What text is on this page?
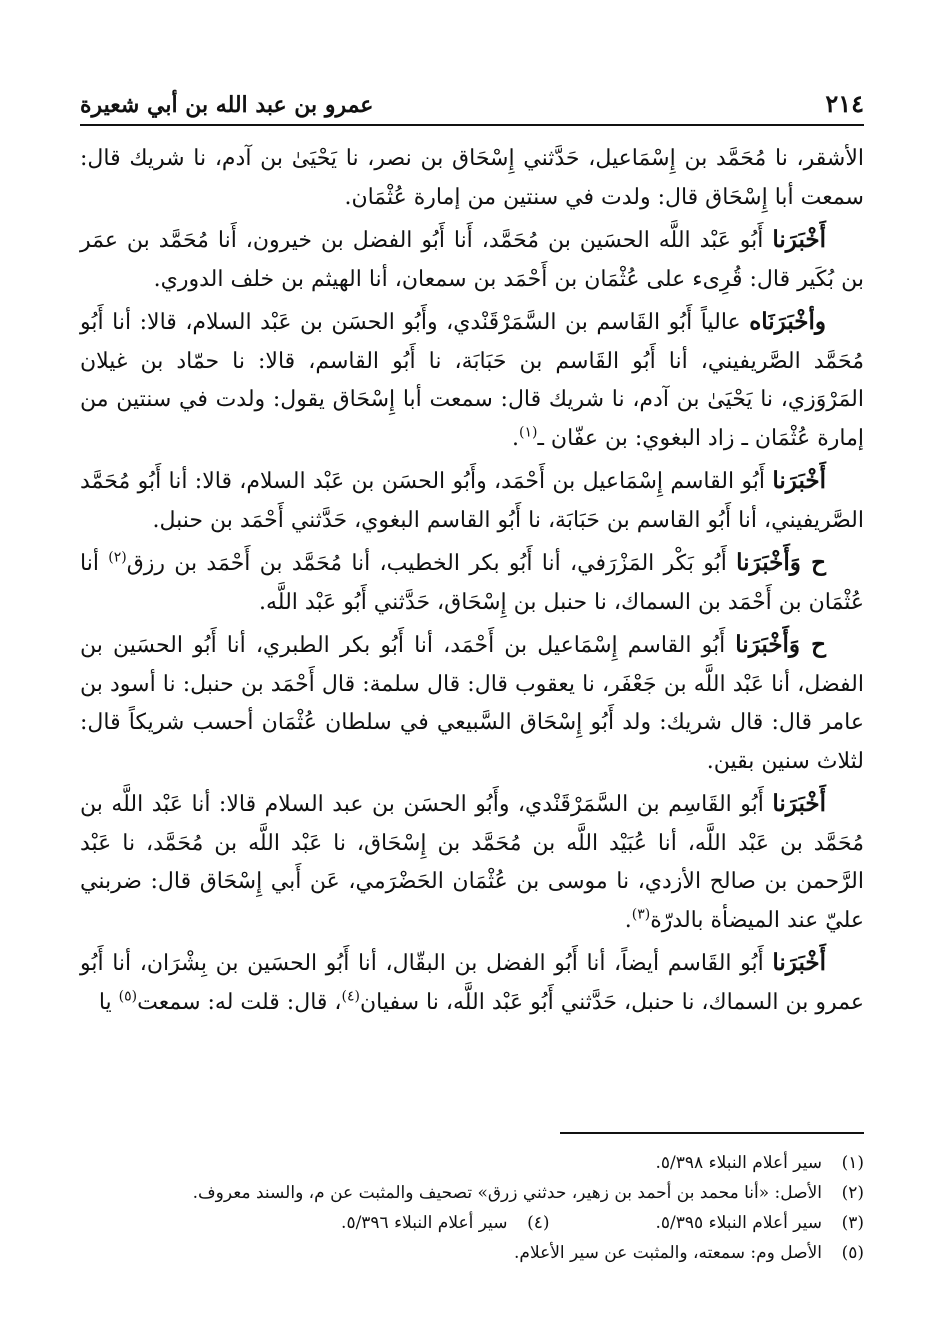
٢١٤
عمرو بن عبد الله بن أبي شعيرة

الأشقر، نا مُحَمَّد بن إِسْمَاعيل، حَدَّثني إِسْحَاق بن نصر، نا يَحْيَىٰ بن آدم، نا شريك قال: سمعت أبا إِسْحَاق قال: ولدت في سنتين من إمارة عُثْمَان.

أَخْبَرَنا أَبُو عَبْد اللَّه الحسَين بن مُحَمَّد، أَنا أَبُو الفضل بن خيرون، أَنا مُحَمَّد بن عمَر بن بُكَير قال: قُرِىء على عُثْمَان بن أَحْمَد بن سمعان، أنا الهيثم بن خلف الدوري.

وأخْبَرَنَاه عالياً أَبُو القَاسم بن السَّمَرْقَنْدي، وأَبُو الحسَن بن عَبْد السلام، قالا: أنا أَبُو مُحَمَّد الصَّريفيني، أنا أَبُو القَاسم بن حَبَابَة، نا أَبُو القاسم، قالا: نا حمّاد بن غيلان المَرْوَزي، نا يَحْيَىٰ بن آدم، نا شريك قال: سمعت أبا إِسْحَاق يقول: ولدت في سنتين من إمارة عُثْمَان ـ زاد البغوي: بن عفّان ـ$^{(١)}$.

أَخْبَرَنا أَبُو القاسم إِسْمَاعيل بن أَحْمَد، وأَبُو الحسَن بن عَبْد السلام، قالا: أنا أَبُو مُحَمَّد الصَّريفيني، أنا أَبُو القاسم بن حَبَابَة، نا أَبُو القاسم البغوي، حَدَّثني أَحْمَد بن حنبل.

ح وَأَخْبَرَنا أَبُو بَكْر المَزْرَفي، أنا أَبُو بكر الخطيب، أنا مُحَمَّد بن أَحْمَد بن رزق$^{(٢)}$ أنا عُثْمَان بن أَحْمَد بن السماك، نا حنبل بن إِسْحَاق، حَدَّثني أَبُو عَبْد اللَّه.

ح وَأَخْبَرَنا أَبُو القاسم إِسْمَاعيل بن أَحْمَد، أنا أَبُو بكر الطبري، أنا أَبُو الحسَين بن الفضل، أنا عَبْد اللَّه بن جَعْفَر، نا يعقوب قال: قال سلمة: قال أَحْمَد بن حنبل: نا أسود بن عامر قال: قال شريك: ولد أَبُو إِسْحَاق السَّبيعي في سلطان عُثْمَان أحسب شريكاً قال: لثلاث سنين بقين.

أَخْبَرَنا أَبُو القَاسِم بن السَّمَرْقَنْدي، وأَبُو الحسَن بن عبد السلام قالا: أنا عَبْد اللَّه بن مُحَمَّد بن عَبْد اللَّه، أنا عُبَيْد اللَّه بن مُحَمَّد بن إِسْحَاق، نا عَبْد اللَّه بن مُحَمَّد، نا عَبْد الرَّحمن بن صالح الأزدي، نا موسى بن عُثْمَان الحَضْرَمي، عَن أَبي إِسْحَاق قال: ضربني عليّ عند الميضأة بالدرّة$^{(٣)}$.

أَخْبَرَنا أَبُو القَاسم أيضاً، أنا أَبُو الفضل بن البقّال، أنا أَبُو الحسَين بن بِشْرَان، أنا أَبُو عمرو بن السماك، نا حنبل، حَدَّثني أَبُو عَبْد اللَّه، نا سفيان$^{(٤)}$، قال: قلت له: سمعت$^{(٥)}$ يا

(١)
سير أعلام النبلاء ٥/٣٩٨.
(٢)
الأصل: «أنا محمد بن أحمد بن زهير، حدثني زرق» تصحيف والمثبت عن م، والسند معروف.
(٣)
سير أعلام النبلاء ٥/٣٩٥.
(٤)
سير أعلام النبلاء ٥/٣٩٦.
(٥)
الأصل وم: سمعته، والمثبت عن سير الأعلام.
